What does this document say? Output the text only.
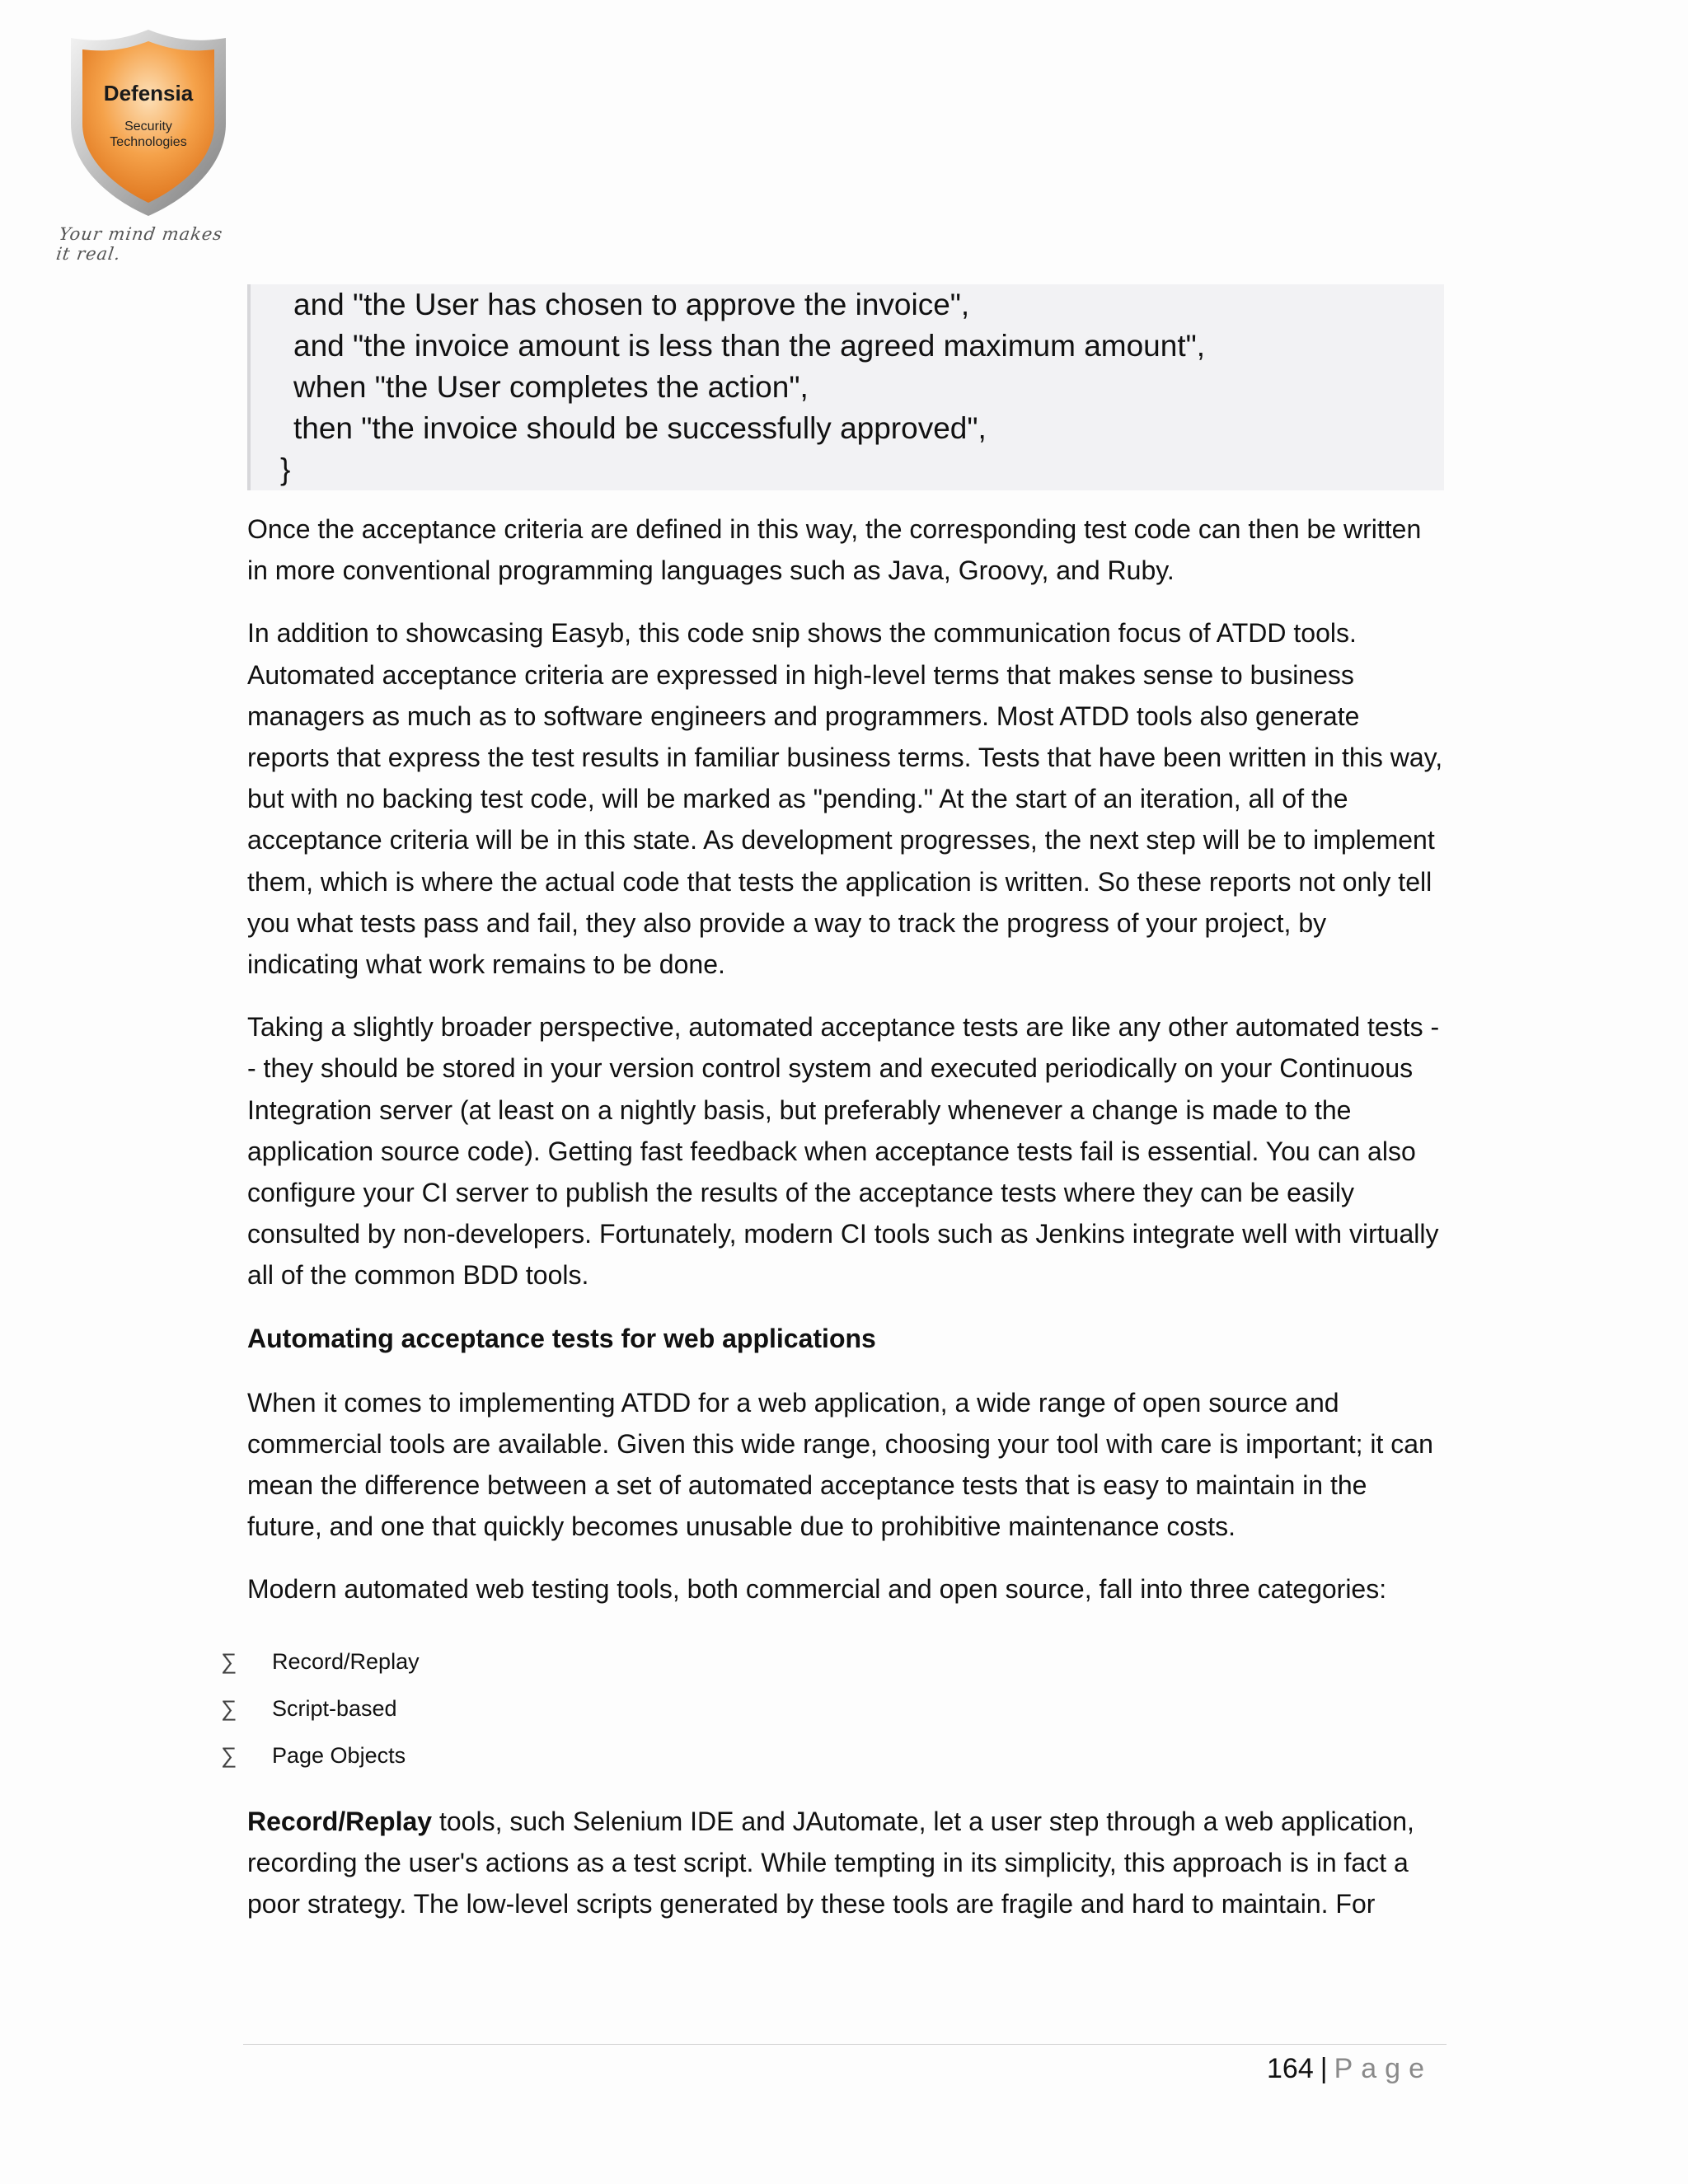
Defensia
Security
Technologies
Your mind makes it real.
and "the User has chosen to approve the invoice",
and "the invoice amount is less than the agreed maximum amount",
when "the User completes the action",
then "the invoice should be successfully approved",
}

Once the acceptance criteria are defined in this way, the corresponding test code can then be written in more conventional programming languages such as Java, Groovy, and Ruby.

In addition to showcasing Easyb, this code snip shows the communication focus of ATDD tools. Automated acceptance criteria are expressed in high-level terms that makes sense to business managers as much as to software engineers and programmers. Most ATDD tools also generate reports that express the test results in familiar business terms. Tests that have been written in this way, but with no backing test code, will be marked as "pending." At the start of an iteration, all of the acceptance criteria will be in this state. As development progresses, the next step will be to implement them, which is where the actual code that tests the application is written. So these reports not only tell you what tests pass and fail, they also provide a way to track the progress of your project, by indicating what work remains to be done.

Taking a slightly broader perspective, automated acceptance tests are like any other automated tests -- they should be stored in your version control system and executed periodically on your Continuous Integration server (at least on a nightly basis, but preferably whenever a change is made to the application source code). Getting fast feedback when acceptance tests fail is essential. You can also configure your CI server to publish the results of the acceptance tests where they can be easily consulted by non-developers. Fortunately, modern CI tools such as Jenkins integrate well with virtually all of the common BDD tools.

Automating acceptance tests for web applications

When it comes to implementing ATDD for a web application, a wide range of open source and commercial tools are available. Given this wide range, choosing your tool with care is important; it can mean the difference between a set of automated acceptance tests that is easy to maintain in the future, and one that quickly becomes unusable due to prohibitive maintenance costs.

Modern automated web testing tools, both commercial and open source, fall into three categories:

∑ Record/Replay
∑ Script-based
∑ Page Objects

Record/Replay tools, such Selenium IDE and JAutomate, let a user step through a web application, recording the user's actions as a test script. While tempting in its simplicity, this approach is in fact a poor strategy. The low-level scripts generated by these tools are fragile and hard to maintain. For

164 | Page
